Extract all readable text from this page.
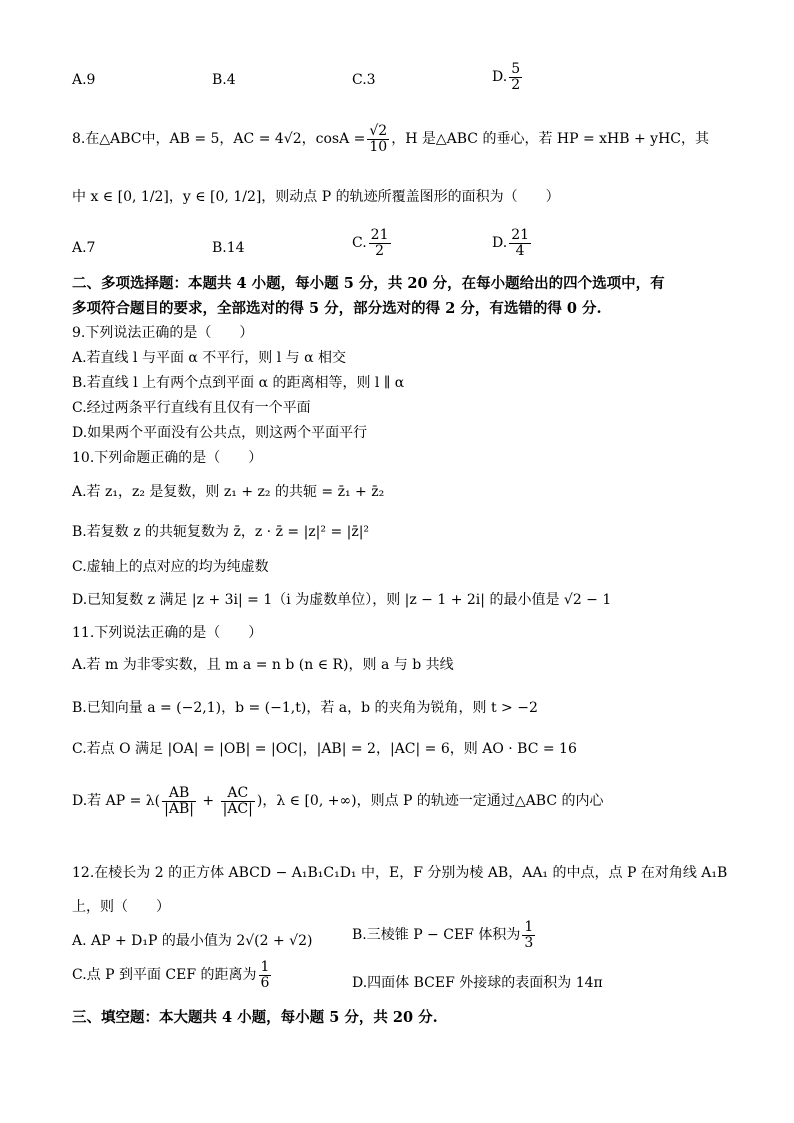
A.9	B.4	C.3	D. $\frac{5}{2}$
8.在△ABC中，AB = 5，AC = 4√2，$\cos A = \frac{√2}{10}$ ，H 是△ABC 的垂心，若 HP = xHB + yHC，其
中 x ∈ [0, 1/2]，y ∈ [0, 1/2]，则动点 P 的轨迹所覆盖图形的面积为（　　）
A.7	B.14	C. $\frac{21}{2}$	D. $\frac{21}{4}$
二、多项选择题：本题共 4 小题，每小题 5 分，共 20 分，在每小题给出的四个选项中，有
多项符合题目的要求，全部选对的得 5 分，部分选对的得 2 分，有选错的得 0 分.
9.下列说法正确的是（　　）
A.若直线 l 与平面 α 不平行，则 l 与 α 相交
B.若直线 l 上有两个点到平面 α 的距离相等，则 l ∥ α
C.经过两条平行直线有且仅有一个平面
D.如果两个平面没有公共点，则这两个平面平行
10.下列命题正确的是（　　）
A.若 z₁，z₂ 是复数，则 z₁ + z₂ 的共轭 = z̄₁ + z̄₂
B.若复数 z 的共轭复数为 z̄，z · z̄ = |z|² = |z̄|²
C.虚轴上的点对应的均为纯虚数
D.已知复数 z 满足 |z + 3i| = 1（i 为虚数单位），则 |z − 1 + 2i| 的最小值是 √2 − 1
11.下列说法正确的是（　　）
A.若 m 为非零实数，且 m a = n b (n ∈ R)，则 a 与 b 共线
B.已知向量 a = (−2,1)，b = (−1,t)，若 a，b 的夹角为锐角，则 t > −2
C.若点 O 满足 |OA| = |OB| = |OC|，|AB| = 2，|AC| = 6，则 AO · BC = 16
D.若 AP = $\lambda( \frac{AB}{|AB|} + \frac{AC}{|AC|}$ )，λ ∈ [0, +∞)，则点 P 的轨迹一定通过△ABC 的内心
12.在棱长为 2 的正方体 ABCD − A₁B₁C₁D₁ 中，E，F 分别为棱 AB，AA₁ 的中点，点 P 在对角线 A₁B
上，则（　　）
A. AP + D₁P 的最小值为 2√(2 + √2)	B.三棱锥 P − CEF 体积为 $\frac{1}{3}$
C.点 P 到平面 CEF 的距离为 $\frac{1}{6}$	D.四面体 BCEF 外接球的表面积为 14π
三、填空题：本大题共 4 小题，每小题 5 分，共 20 分.
